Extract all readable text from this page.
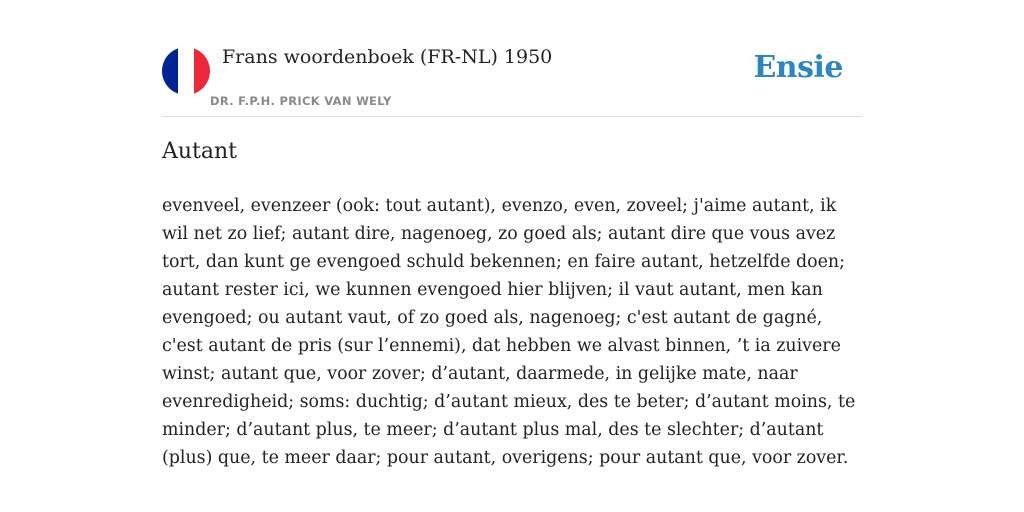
Frans woordenboek (FR-NL) 1950
DR. F.P.H. PRICK VAN WELY
Ensie
Autant

evenveel, evenzeer (ook: tout autant), evenzo, even, zoveel; j'aime autant, ik wil net zo lief; autant dire, nagenoeg, zo goed als; autant dire que vous avez tort, dan kunt ge evengoed schuld bekennen; en faire autant, hetzelfde doen; autant rester ici, we kunnen evengoed hier blijven; il vaut autant, men kan evengoed; ou autant vaut, of zo goed als, nagenoeg; c'est autant de gagné, c'est autant de pris (sur l’ennemi), dat hebben we alvast binnen, ’t ia zuivere winst; autant que, voor zover; d’autant, daarmede, in gelijke mate, naar evenredigheid; soms: duchtig; d’autant mieux, des te beter; d’autant moins, te minder; d’autant plus, te meer; d’autant plus mal, des te slechter; d’autant (plus) que, te meer daar; pour autant, overigens; pour autant que, voor zover.
